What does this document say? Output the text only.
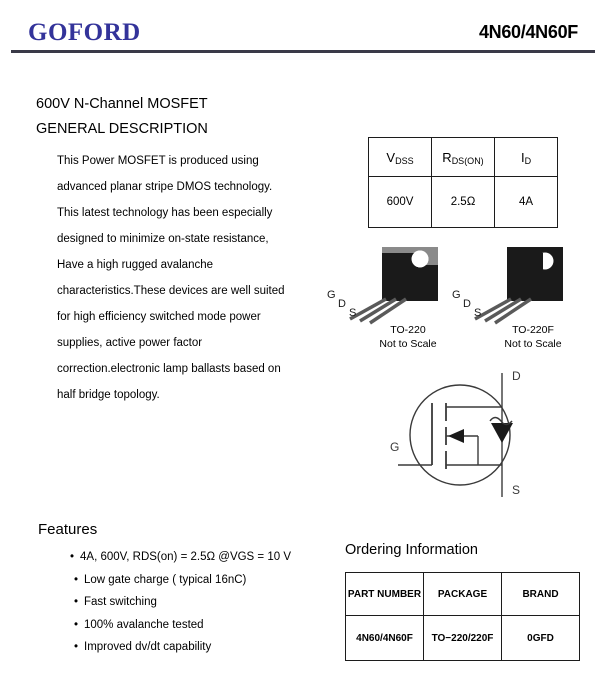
GOFORD	4N60/4N60F
600V N-Channel MOSFET
GENERAL DESCRIPTION
This Power MOSFET is produced using
advanced planar stripe DMOS technology.
This latest technology has been especially
designed to minimize on-state resistance,
Have a high rugged avalanche
characteristics.These devices are well suited
for high efficiency switched mode power
supplies, active power factor
correction.electronic lamp ballasts based on
half bridge topology.
VDSS	RDS(ON)	ID
600V	2.5Ω	4A
G
D
S
TO-220
Not to Scale
G
D
S
TO-220F
Not to Scale
D
G
S
Features
• 4A, 600V, RDS(on) = 2.5Ω @VGS = 10 V
• Low gate charge ( typical 16nC)
• Fast switching
• 100% avalanche tested
• Improved dv/dt capability
Ordering Information
PART NUMBER	PACKAGE	BRAND
4N60/4N60F	TO−220/220F	0GFD
